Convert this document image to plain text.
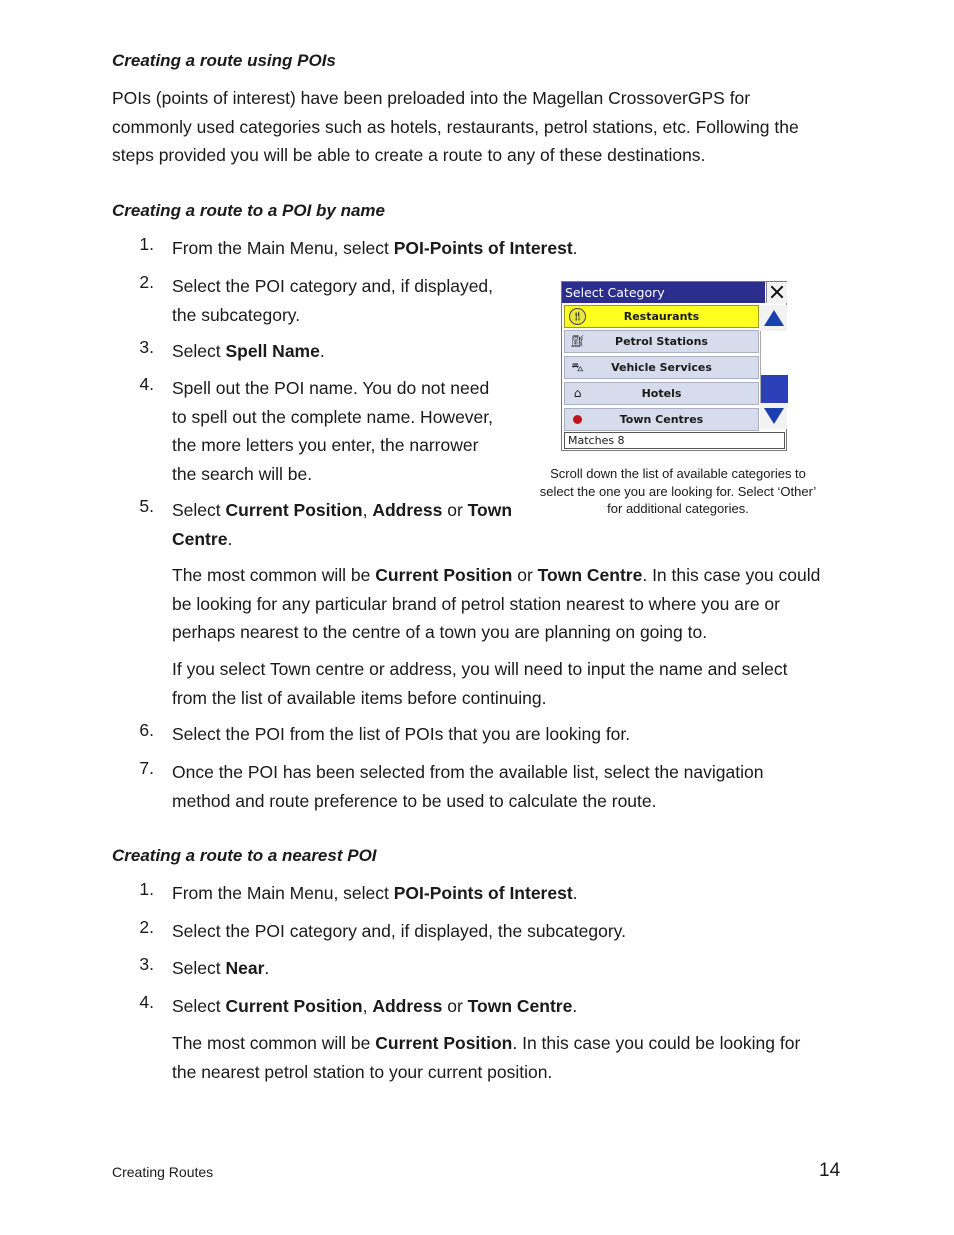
Creating a route using POIs
POIs (points of interest) have been preloaded into the Magellan CrossoverGPS for
commonly used categories such as hotels, restaurants, petrol stations, etc. Following the
steps provided you will be able to create a route to any of these destinations.
Creating a route to a POI by name
1. From the Main Menu, select POI-Points of Interest.
2. Select the POI category and, if displayed,
the subcategory.
3. Select Spell Name.
4. Spell out the POI name. You do not need
to spell out the complete name. However,
the more letters you enter, the narrower
the search will be.
5. Select Current Position, Address or Town
Centre.
Select Category
🍴︎	Restaurants
⛽︎	Petrol Stations
⛍︎ Vehicle Services
⌂	Hotels
Town Centres
Matches 8
Scroll down the list of available categories to
select the one you are looking for. Select ‘Other’
for additional categories.
The most common will be Current Position or Town Centre. In this case you could
be looking for any particular brand of petrol station nearest to where you are or
perhaps nearest to the centre of a town you are planning on going to.
If you select Town centre or address, you will need to input the name and select
from the list of available items before continuing.
6. Select the POI from the list of POIs that you are looking for.
7. Once the POI has been selected from the available list, select the navigation
method and route preference to be used to calculate the route.
Creating a route to a nearest POI
1. From the Main Menu, select POI-Points of Interest.
2. Select the POI category and, if displayed, the subcategory.
3. Select Near.
4. Select Current Position, Address or Town Centre.
The most common will be Current Position. In this case you could be looking for
the nearest petrol station to your current position.
Creating Routes	14
